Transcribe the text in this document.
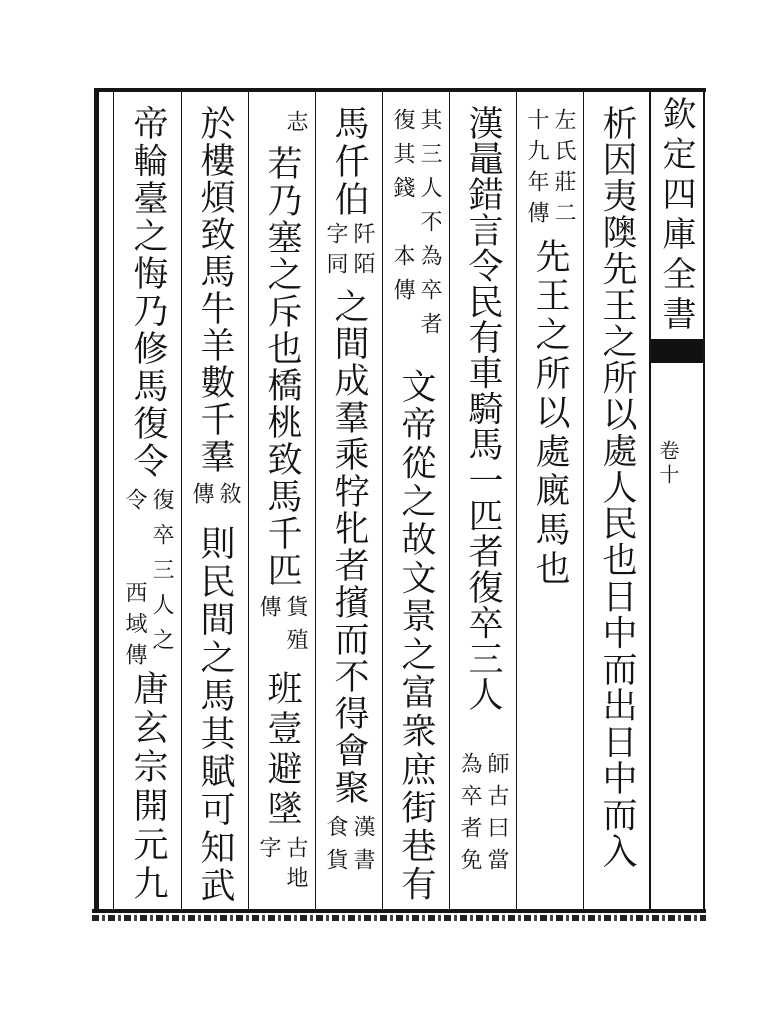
欽定四庫全書
卷十
析因夷隩先王之所以處人民也日中而出日中而入
左氏莊二
十九年傳
先王之所以處廐馬也
漢鼂錯言令民有車騎馬一匹者復卒三人
師古曰當
為卒者免
其三人不為卒者
復其錢　本傳
文帝從之故文景之富衆庶街巷有
馬仟伯
阡陌
字同
之間成羣乘牸牝者擯而不得會聚
漢書
食貨
志
若乃塞之斥也橋桃致馬千匹
貨殖
傳
班壹避墜
古地
字
於樓煩致馬牛羊數千羣
敘
傳
則民間之馬其賦可知武
帝輪臺之悔乃修馬復令
復卒三人之
令　　西域傳
唐玄宗開元九
